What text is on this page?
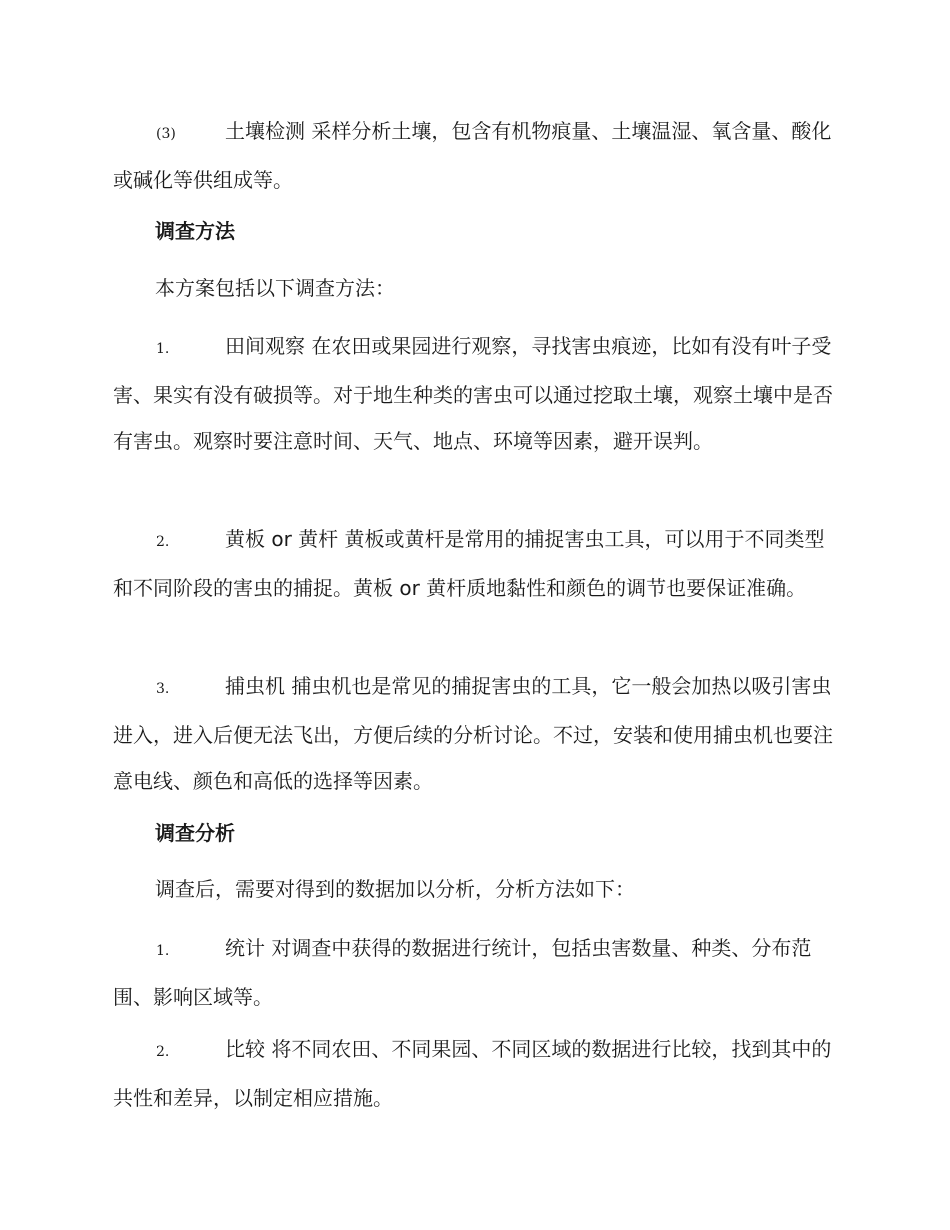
(3) 土壤检测 采样分析土壤，包含有机物痕量、土壤温湿、氧含量、酸化或碱化等供组成等。

调查方法

本方案包括以下调查方法：

1.	田间观察 在农田或果园进行观察，寻找害虫痕迹，比如有没有叶子受害、果实有没有破损等。对于地生种类的害虫可以通过挖取土壤，观察土壤中是否有害虫。观察时要注意时间、天气、地点、环境等因素，避开误判。

2.	黄板 or 黄杆 黄板或黄杆是常用的捕捉害虫工具，可以用于不同类型和不同阶段的害虫的捕捉。黄板 or 黄杆质地黏性和颜色的调节也要保证准确。

3.	捕虫机 捕虫机也是常见的捕捉害虫的工具，它一般会加热以吸引害虫进入，进入后便无法飞出，方便后续的分析讨论。不过，安装和使用捕虫机也要注意电线、颜色和高低的选择等因素。

调查分析

调查后，需要对得到的数据加以分析，分析方法如下：

1.	统计 对调查中获得的数据进行统计，包括虫害数量、种类、分布范围、影响区域等。

2.	比较 将不同农田、不同果园、不同区域的数据进行比较，找到其中的共性和差异，以制定相应措施。
